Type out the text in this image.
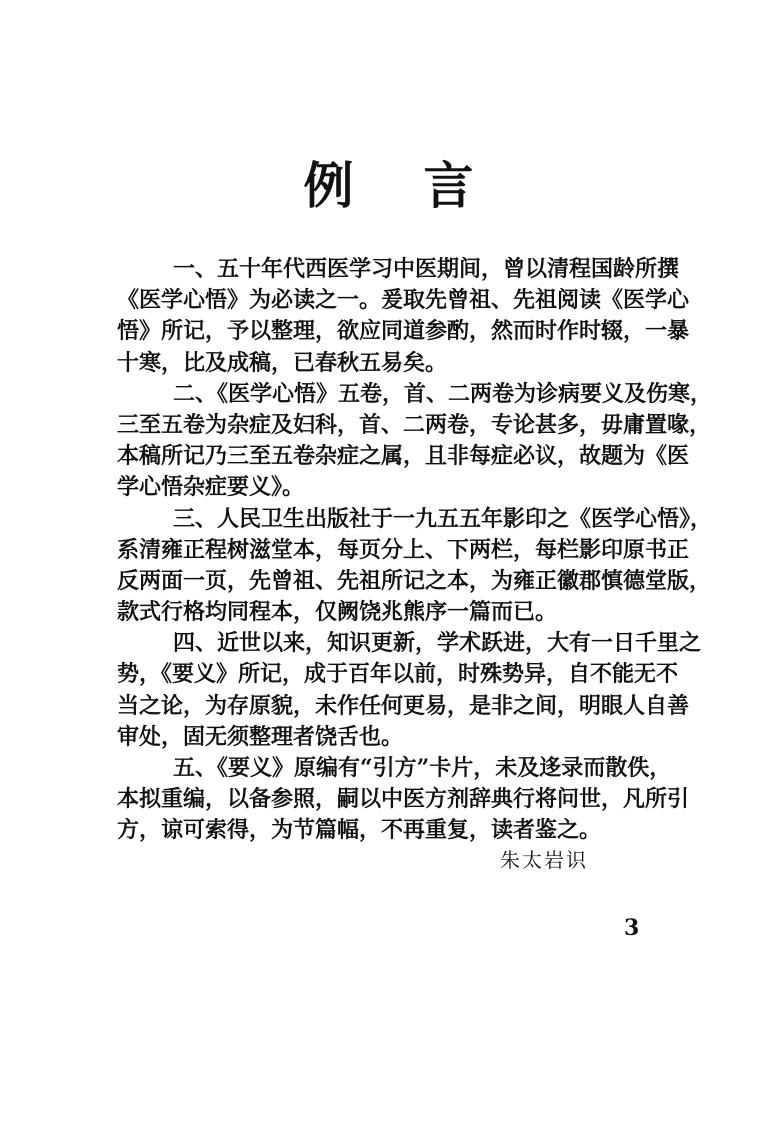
例言
一、五十年代西医学习中医期间，曾以清程国龄所撰
《医学心悟》为必读之一。爰取先曾祖、先祖阅读《医学心
悟》所记，予以整理，欲应同道参酌，然而时作时辍，一暴
十寒，比及成稿，已春秋五易矣。
二、《医学心悟》五卷，首、二两卷为诊病要义及伤寒，
三至五卷为杂症及妇科，首、二两卷，专论甚多，毋庸置喙，
本稿所记乃三至五卷杂症之属，且非每症必议，故题为《医
学心悟杂症要义》。
三、人民卫生出版社于一九五五年影印之《医学心悟》，
系清雍正程树滋堂本，每页分上、下两栏，每栏影印原书正
反两面一页，先曾祖、先祖所记之本，为雍正徽郡慎德堂版，
款式行格均同程本，仅阙饶兆熊序一篇而已。
四、近世以来，知识更新，学术跃进，大有一日千里之
势，《要义》所记，成于百年以前，时殊势异，自不能无不
当之论，为存原貌，未作任何更易，是非之间，明眼人自善
审处，固无须整理者饶舌也。
五、《要义》原编有“引方”卡片，未及迻录而散佚，
本拟重编，以备参照，嗣以中医方剂辞典行将问世，凡所引
方，谅可索得，为节篇幅，不再重复，读者鉴之。
朱太岩识
3
